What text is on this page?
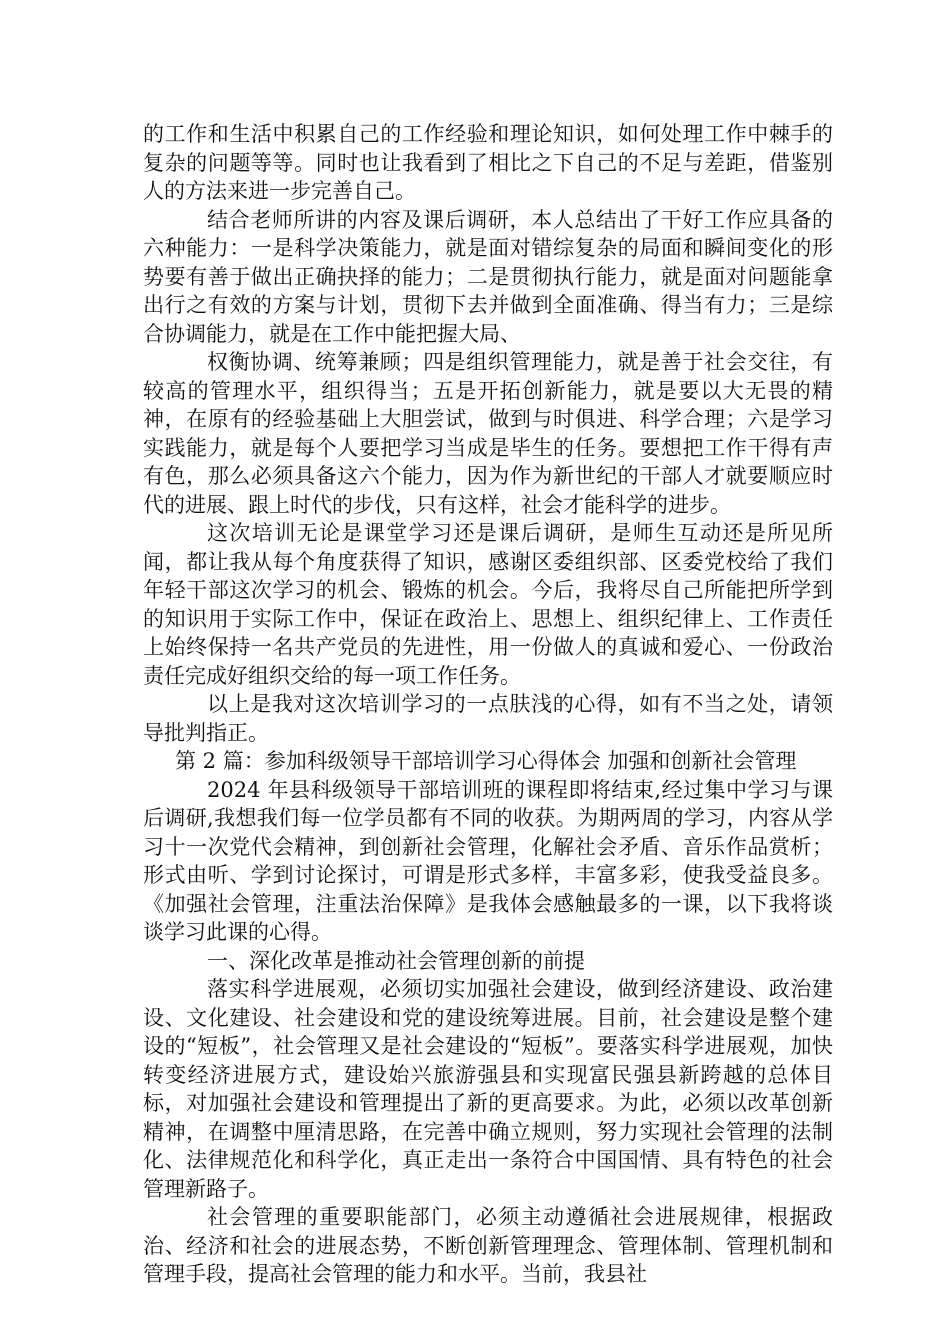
的工作和生活中积累自己的工作经验和理论知识，如何处理工作中棘手的复杂的问题等等。同时也让我看到了相比之下自己的不足与差距，借鉴别人的方法来进一步完善自己。

结合老师所讲的内容及课后调研，本人总结出了干好工作应具备的六种能力：一是科学决策能力，就是面对错综复杂的局面和瞬间变化的形势要有善于做出正确抉择的能力；二是贯彻执行能力，就是面对问题能拿出行之有效的方案与计划，贯彻下去并做到全面准确、得当有力；三是综合协调能力，就是在工作中能把握大局、

权衡协调、统筹兼顾；四是组织管理能力，就是善于社会交往，有较高的管理水平，组织得当；五是开拓创新能力，就是要以大无畏的精神，在原有的经验基础上大胆尝试，做到与时俱进、科学合理；六是学习实践能力，就是每个人要把学习当成是毕生的任务。要想把工作干得有声有色，那么必须具备这六个能力，因为作为新世纪的干部人才就要顺应时代的进展、跟上时代的步伐，只有这样，社会才能科学的进步。

这次培训无论是课堂学习还是课后调研，是师生互动还是所见所闻，都让我从每个角度获得了知识，感谢区委组织部、区委党校给了我们年轻干部这次学习的机会、锻炼的机会。今后，我将尽自己所能把所学到的知识用于实际工作中，保证在政治上、思想上、组织纪律上、工作责任上始终保持一名共产党员的先进性，用一份做人的真诚和爱心、一份政治责任完成好组织交给的每一项工作任务。

以上是我对这次培训学习的一点肤浅的心得，如有不当之处，请领导批判指正。

第 2 篇：参加科级领导干部培训学习心得体会 加强和创新社会管理

2024 年县科级领导干部培训班的课程即将结束,经过集中学习与课后调研,我想我们每一位学员都有不同的收获。为期两周的学习，内容从学习十一次党代会精神，到创新社会管理，化解社会矛盾、音乐作品赏析；形式由听、学到讨论探讨，可谓是形式多样，丰富多彩，使我受益良多。《加强社会管理，注重法治保障》是我体会感触最多的一课，以下我将谈谈学习此课的心得。

一、深化改革是推动社会管理创新的前提

落实科学进展观，必须切实加强社会建设，做到经济建设、政治建设、文化建设、社会建设和党的建设统筹进展。目前，社会建设是整个建设的“短板”，社会管理又是社会建设的“短板”。要落实科学进展观，加快转变经济进展方式，建设始兴旅游强县和实现富民强县新跨越的总体目标，对加强社会建设和管理提出了新的更高要求。为此，必须以改革创新精神，在调整中厘清思路，在完善中确立规则，努力实现社会管理的法制化、法律规范化和科学化，真正走出一条符合中国国情、具有特色的社会管理新路子。

社会管理的重要职能部门，必须主动遵循社会进展规律，根据政治、经济和社会的进展态势，不断创新管理理念、管理体制、管理机制和管理手段，提高社会管理的能力和水平。当前，我县社
